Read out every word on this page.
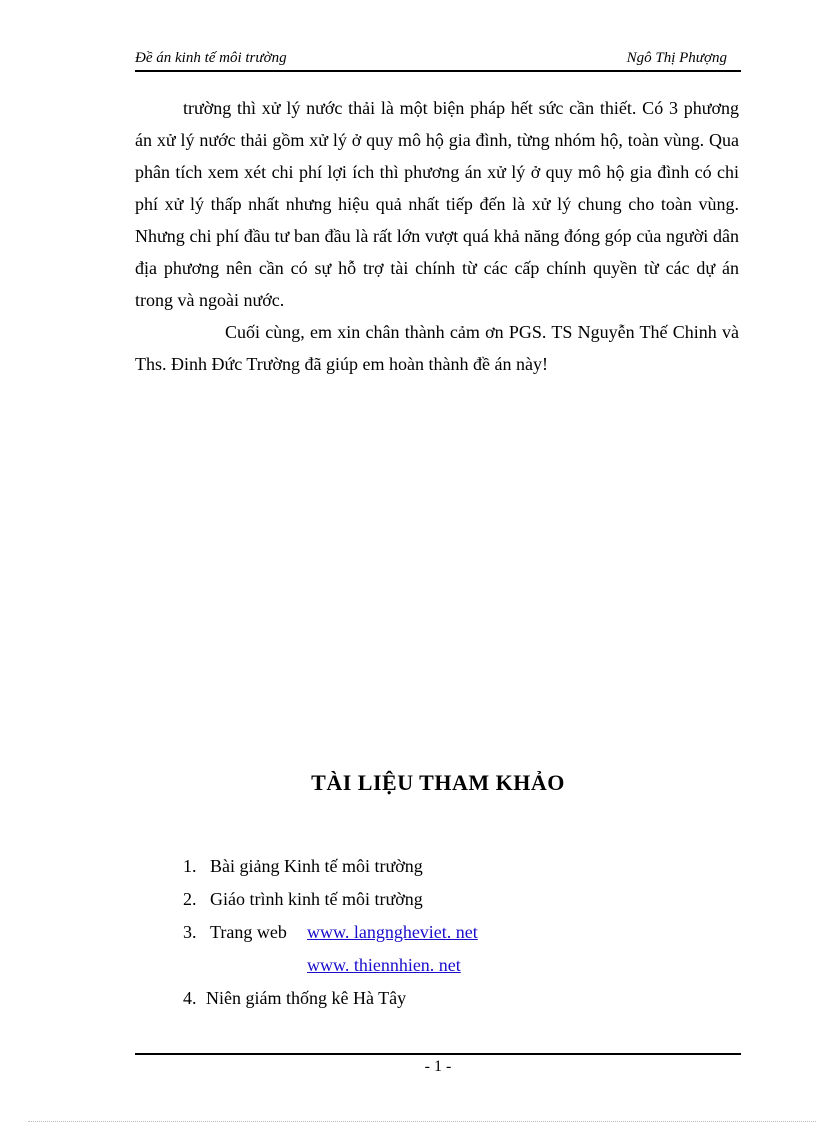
Đề án kinh tế môi trường	Ngô Thị Phượng

trường thì xử lý nước thải là một biện pháp hết sức cần thiết. Có 3 phương án xử lý nước thải gồm xử lý ở quy mô hộ gia đình, từng nhóm hộ, toàn vùng. Qua phân tích xem xét chi phí lợi ích thì phương án xử lý ở quy mô hộ gia đình có chi phí xử lý thấp nhất nhưng hiệu quả nhất tiếp đến là xử lý chung cho toàn vùng. Nhưng chi phí đầu tư ban đầu là rất lớn vượt quá khả năng đóng góp của người dân địa phương nên cần có sự hỗ trợ tài chính từ các cấp chính quyền từ các dự án trong và ngoài nước.

Cuối cùng, em xin chân thành cảm ơn PGS. TS Nguyễn Thế Chinh và Ths. Đinh Đức Trường đã giúp em hoàn thành đề án này!

TÀI LIỆU THAM KHẢO
1. Bài giảng Kinh tế môi trường
2. Giáo trình kinh tế môi trường
3. Trang web www. langngheviet. net
www. thiennhien. net
4. Niên giám thống kê Hà Tây
- 1 -
